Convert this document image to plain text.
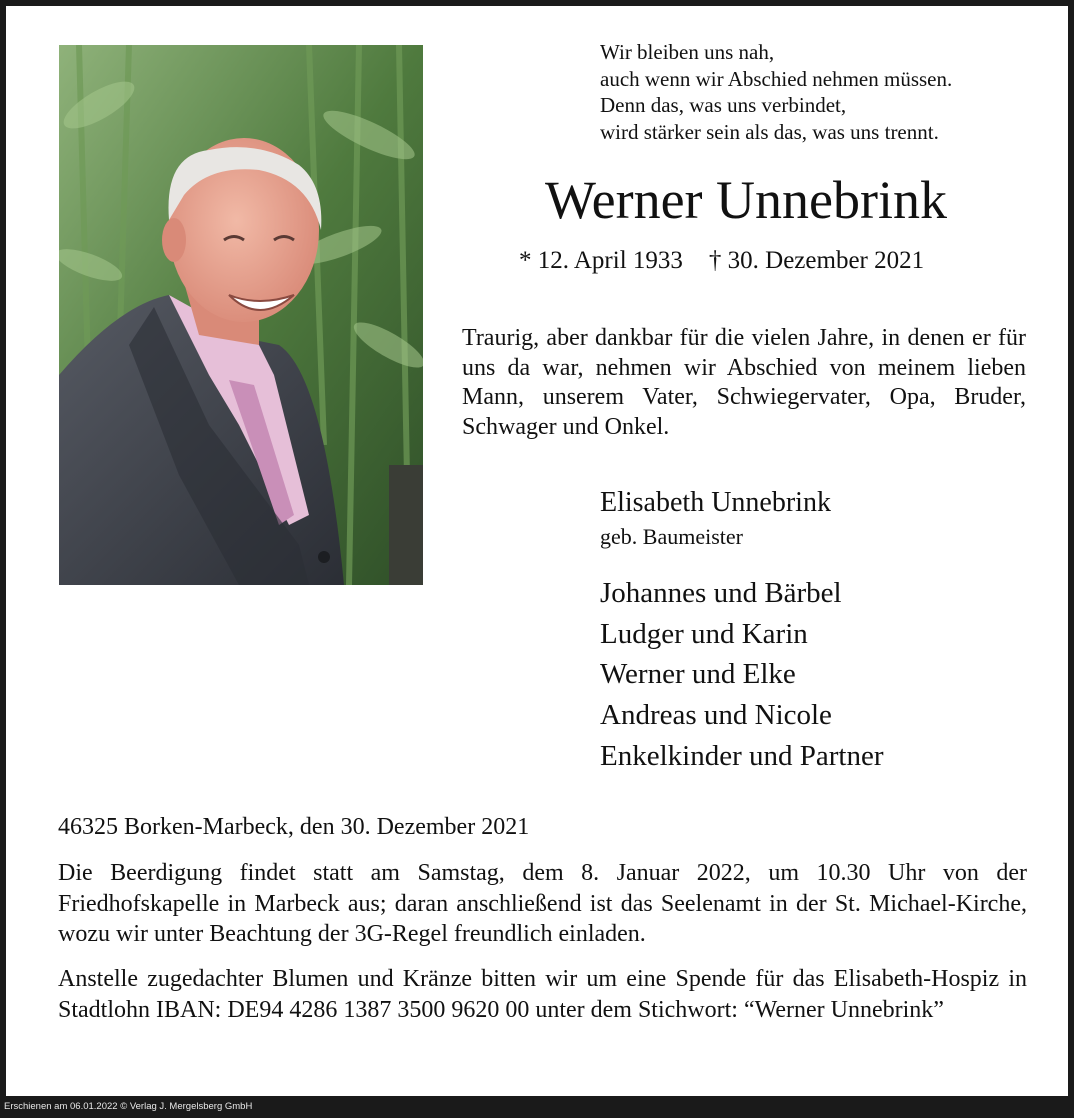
Wir bleiben uns nah,
auch wenn wir Abschied nehmen müssen.
Denn das, was uns verbindet,
wird stärker sein als das, was uns trennt.
Werner Unnebrink
* 12. April 1933 † 30. Dezember 2021
Traurig, aber dankbar für die vielen Jahre, in denen er für uns da war, nehmen wir Abschied von meinem lieben Mann, unserem Vater, Schwiegervater, Opa, Bruder, Schwager und Onkel.
Elisabeth Unnebrink
geb. Baumeister
Johannes und Bärbel
Ludger und Karin
Werner und Elke
Andreas und Nicole
Enkelkinder und Partner
46325 Borken-Marbeck, den 30. Dezember 2021
Die Beerdigung findet statt am Samstag, dem 8. Januar 2022, um 10.30 Uhr von der Friedhofskapelle in Marbeck aus; daran anschließend ist das Seelenamt in der St. Michael-Kirche, wozu wir unter Beachtung der 3G-Regel freundlich einladen.
Anstelle zugedachter Blumen und Kränze bitten wir um eine Spende für das Elisabeth-Hospiz in Stadtlohn IBAN: DE94 4286 1387 3500 9620 00 unter dem Stichwort: “Werner Unnebrink”
Erschienen am 06.01.2022 © Verlag J. Mergelsberg GmbH
